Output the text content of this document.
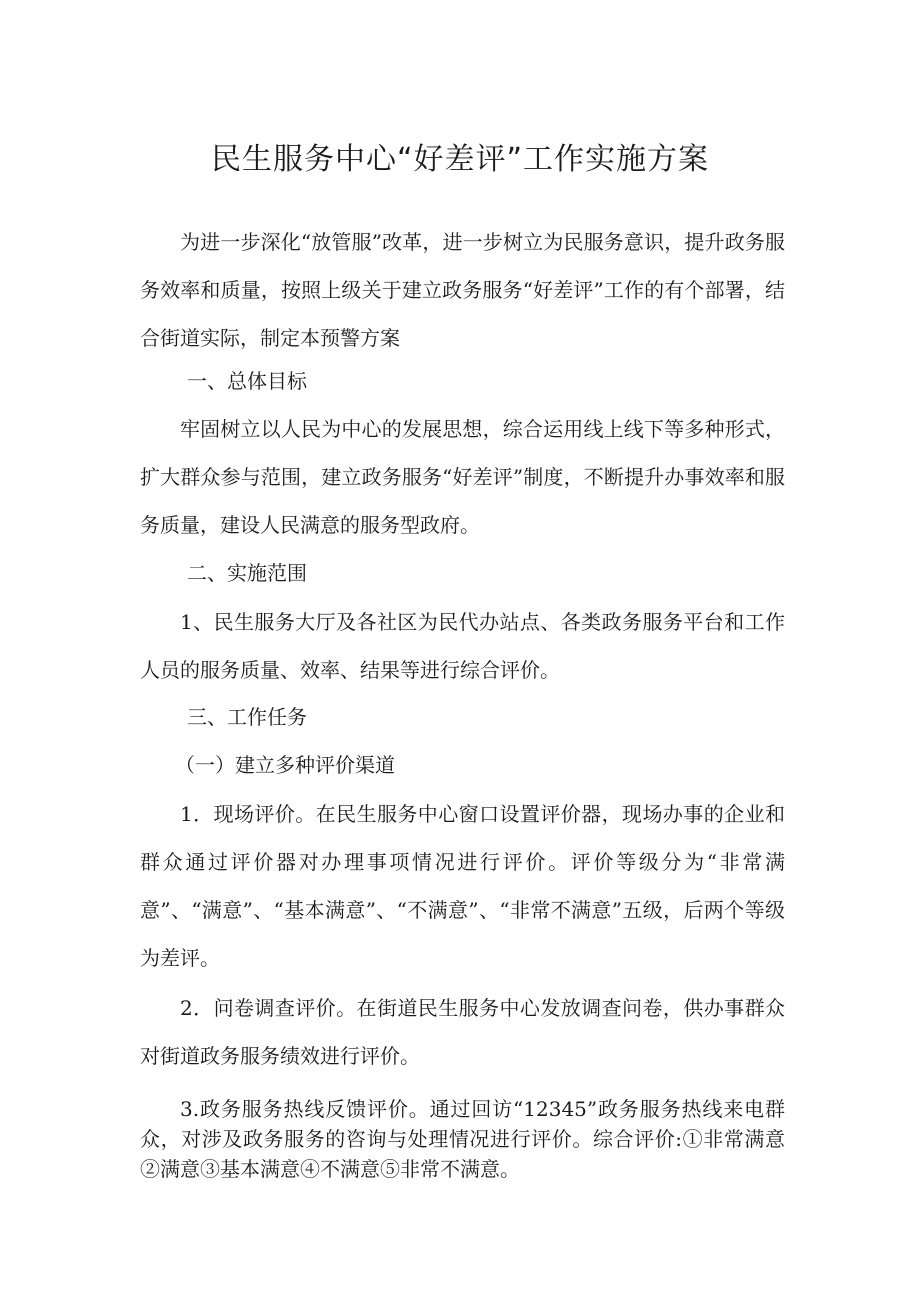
民生服务中心“好差评”工作实施方案
为进一步深化“放管服”改革，进一步树立为民服务意识，提升政务服务效率和质量，按照上级关于建立政务服务“好差评”工作的有个部署，结合街道实际，制定本预警方案
一、总体目标
牢固树立以人民为中心的发展思想，综合运用线上线下等多种形式，扩大群众参与范围，建立政务服务“好差评”制度，不断提升办事效率和服务质量，建设人民满意的服务型政府。
二、实施范围
1、民生服务大厅及各社区为民代办站点、各类政务服务平台和工作人员的服务质量、效率、结果等进行综合评价。
三、工作任务
（一）建立多种评价渠道
1．现场评价。在民生服务中心窗口设置评价器，现场办事的企业和群众通过评价器对办理事项情况进行评价。评价等级分为“非常满意”、“满意”、“基本满意”、“不满意”、“非常不满意”五级，后两个等级为差评。
2．问卷调查评价。在街道民生服务中心发放调查问卷，供办事群众对街道政务服务绩效进行评价。
3.政务服务热线反馈评价。通过回访“12345”政务服务热线来电群众，对涉及政务服务的咨询与处理情况进行评价。综合评价:①非常满意②满意③基本满意④不满意⑤非常不满意。
